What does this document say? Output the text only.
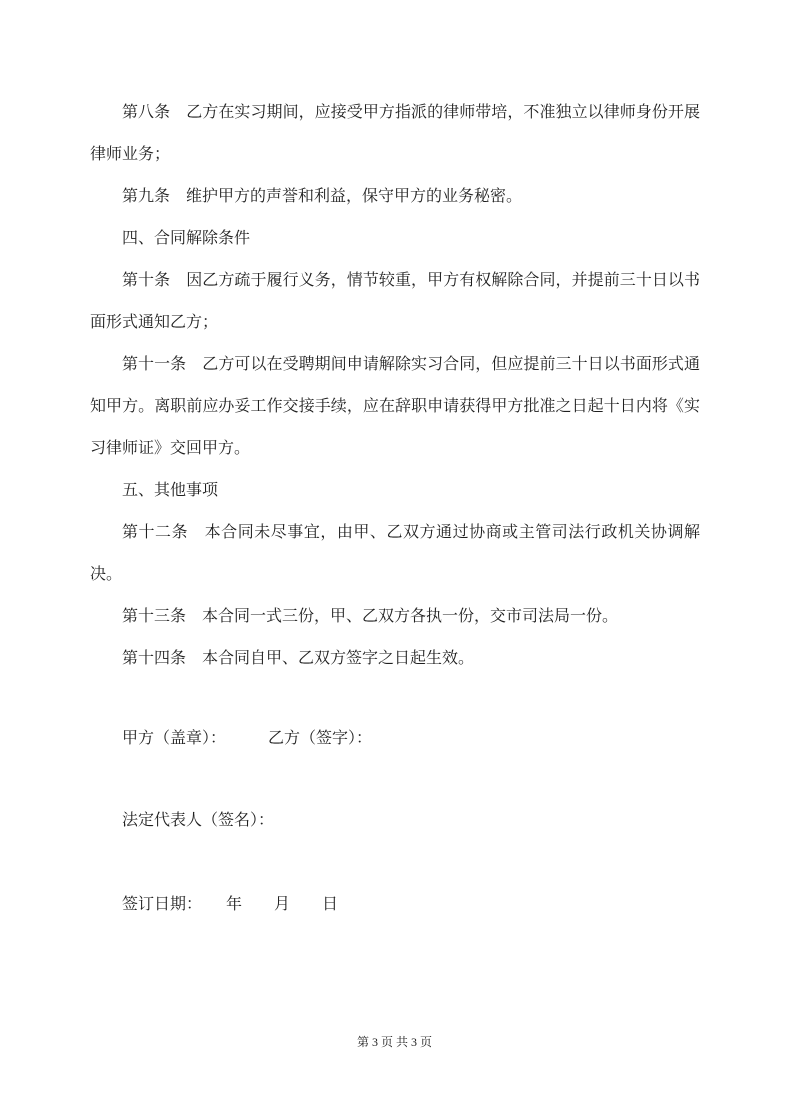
第八条　乙方在实习期间，应接受甲方指派的律师带培，不准独立以律师身份开展律师业务；

第九条　维护甲方的声誉和利益，保守甲方的业务秘密。

四、合同解除条件

第十条　因乙方疏于履行义务，情节较重，甲方有权解除合同，并提前三十日以书面形式通知乙方；

第十一条　乙方可以在受聘期间申请解除实习合同，但应提前三十日以书面形式通知甲方。离职前应办妥工作交接手续，应在辞职申请获得甲方批准之日起十日内将《实习律师证》交回甲方。

五、其他事项

第十二条　本合同未尽事宜，由甲、乙双方通过协商或主管司法行政机关协调解决。

第十三条　本合同一式三份，甲、乙双方各执一份，交市司法局一份。

第十四条　本合同自甲、乙双方签字之日起生效。

甲方（盖章）：	乙方（签字）：

法定代表人（签名）：

签订日期：　　年　　月　　日

第 3 页 共 3 页
